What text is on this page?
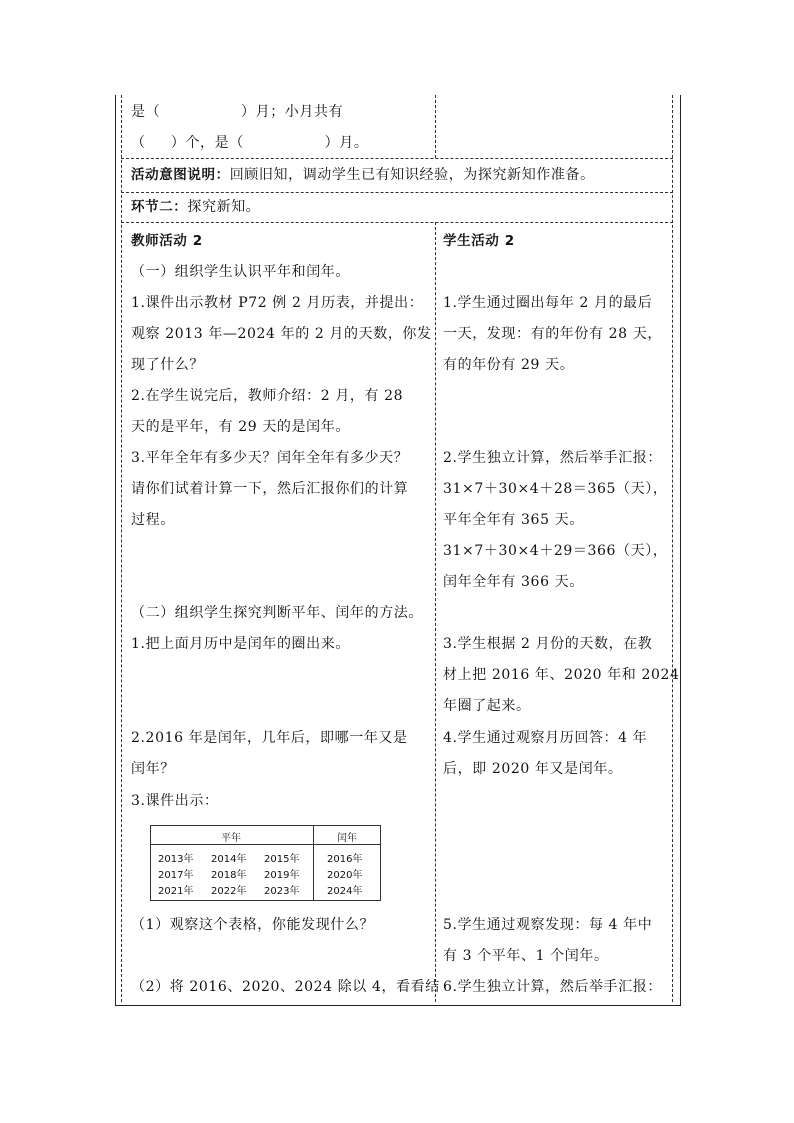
是（                ）月；小月共有
（     ）个，是（                ）月。
活动意图说明：回顾旧知，调动学生已有知识经验，为探究新知作准备。
环节二：探究新知。
教师活动 2	学生活动 2
（一）组织学生认识平年和闰年。
1.课件出示教材 P72 例 2 月历表，并提出：
观察 2013 年—2024 年的 2 月的天数，你发
现了什么？
2.在学生说完后，教师介绍：2 月，有 28
天的是平年，有 29 天的是闰年。
3.平年全年有多少天？闰年全年有多少天？
请你们试着计算一下，然后汇报你们的计算
过程。
（二）组织学生探究判断平年、闰年的方法。
1.把上面月历中是闰年的圈出来。
2.2016 年是闰年，几年后，即哪一年又是
闰年？
3.课件出示：
（1）观察这个表格，你能发现什么？
（2）将 2016、2020、2024 除以 4，看看结
1.学生通过圈出每年 2 月的最后
一天，发现：有的年份有 28 天，
有的年份有 29 天。
2.学生独立计算，然后举手汇报：
31×7＋30×4＋28＝365（天），
平年全年有 365 天。
31×7＋30×4＋29＝366（天），
闰年全年有 366 天。
3.学生根据 2 月份的天数，在教
材上把 2016 年、2020 年和 2024
年圈了起来。
4.学生通过观察月历回答：4 年
后，即 2020 年又是闰年。
5.学生通过观察发现：每 4 年中
有 3 个平年、1 个闰年。
6.学生独立计算，然后举手汇报：
平年	闰年
2013年 2014年 2015年
2017年 2018年 2019年
2021年 2022年 2023年
2016年
2020年
2024年
